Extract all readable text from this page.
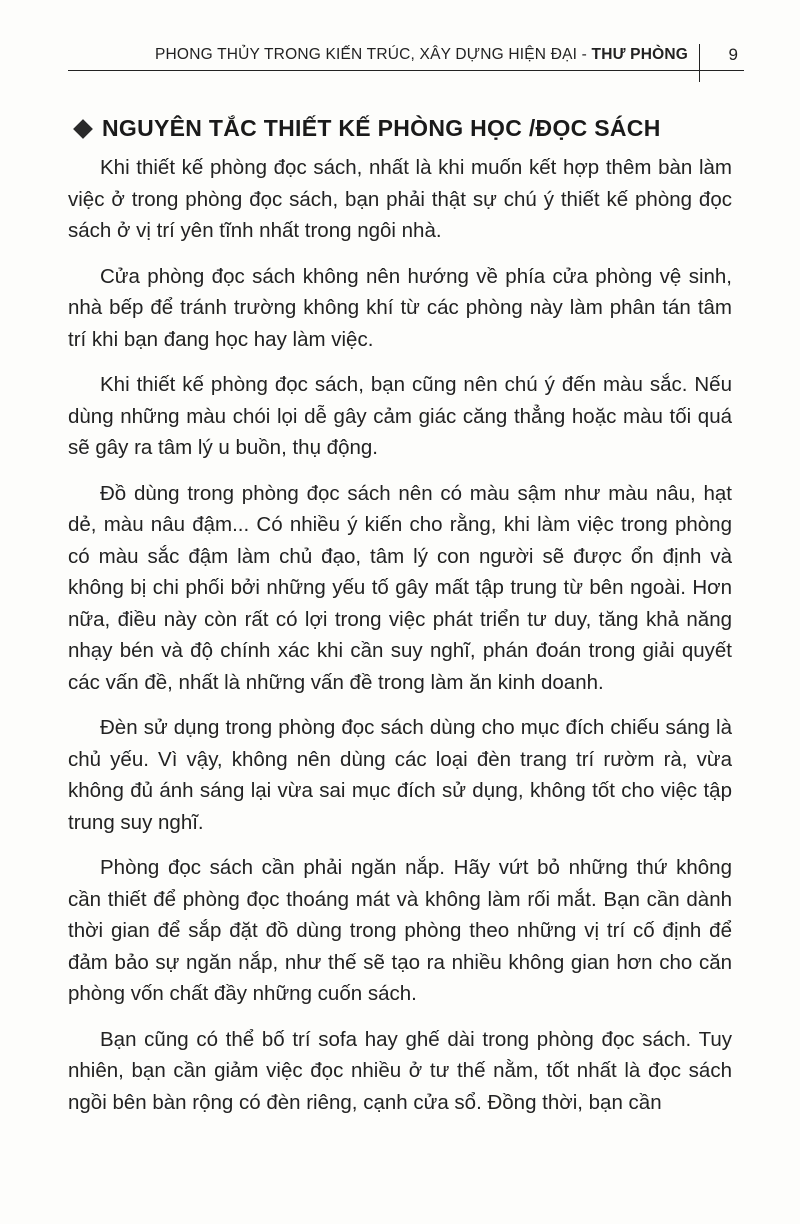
PHONG THỦY TRONG KIẾN TRÚC, XÂY DỰNG HIỆN ĐẠI - THƯ PHÒNG 9
NGUYÊN TẮC THIẾT KẾ PHÒNG HỌC /ĐỌC SÁCH

Khi thiết kế phòng đọc sách, nhất là khi muốn kết hợp thêm bàn làm việc ở trong phòng đọc sách, bạn phải thật sự chú ý thiết kế phòng đọc sách ở vị trí yên tĩnh nhất trong ngôi nhà.

Cửa phòng đọc sách không nên hướng về phía cửa phòng vệ sinh, nhà bếp để tránh trường không khí từ các phòng này làm phân tán tâm trí khi bạn đang học hay làm việc.

Khi thiết kế phòng đọc sách, bạn cũng nên chú ý đến màu sắc. Nếu dùng những màu chói lọi dễ gây cảm giác căng thẳng hoặc màu tối quá sẽ gây ra tâm lý u buồn, thụ động.

Đồ dùng trong phòng đọc sách nên có màu sậm như màu nâu, hạt dẻ, màu nâu đậm... Có nhiều ý kiến cho rằng, khi làm việc trong phòng có màu sắc đậm làm chủ đạo, tâm lý con người sẽ được ổn định và không bị chi phối bởi những yếu tố gây mất tập trung từ bên ngoài. Hơn nữa, điều này còn rất có lợi trong việc phát triển tư duy, tăng khả năng nhạy bén và độ chính xác khi cần suy nghĩ, phán đoán trong giải quyết các vấn đề, nhất là những vấn đề trong làm ăn kinh doanh.

Đèn sử dụng trong phòng đọc sách dùng cho mục đích chiếu sáng là chủ yếu. Vì vậy, không nên dùng các loại đèn trang trí rườm rà, vừa không đủ ánh sáng lại vừa sai mục đích sử dụng, không tốt cho việc tập trung suy nghĩ.

Phòng đọc sách cần phải ngăn nắp. Hãy vứt bỏ những thứ không cần thiết để phòng đọc thoáng mát và không làm rối mắt. Bạn cần dành thời gian để sắp đặt đồ dùng trong phòng theo những vị trí cố định để đảm bảo sự ngăn nắp, như thế sẽ tạo ra nhiều không gian hơn cho căn phòng vốn chất đầy những cuốn sách.

Bạn cũng có thể bố trí sofa hay ghế dài trong phòng đọc sách. Tuy nhiên, bạn cần giảm việc đọc nhiều ở tư thế nằm, tốt nhất là đọc sách ngồi bên bàn rộng có đèn riêng, cạnh cửa sổ. Đồng thời, bạn cần
